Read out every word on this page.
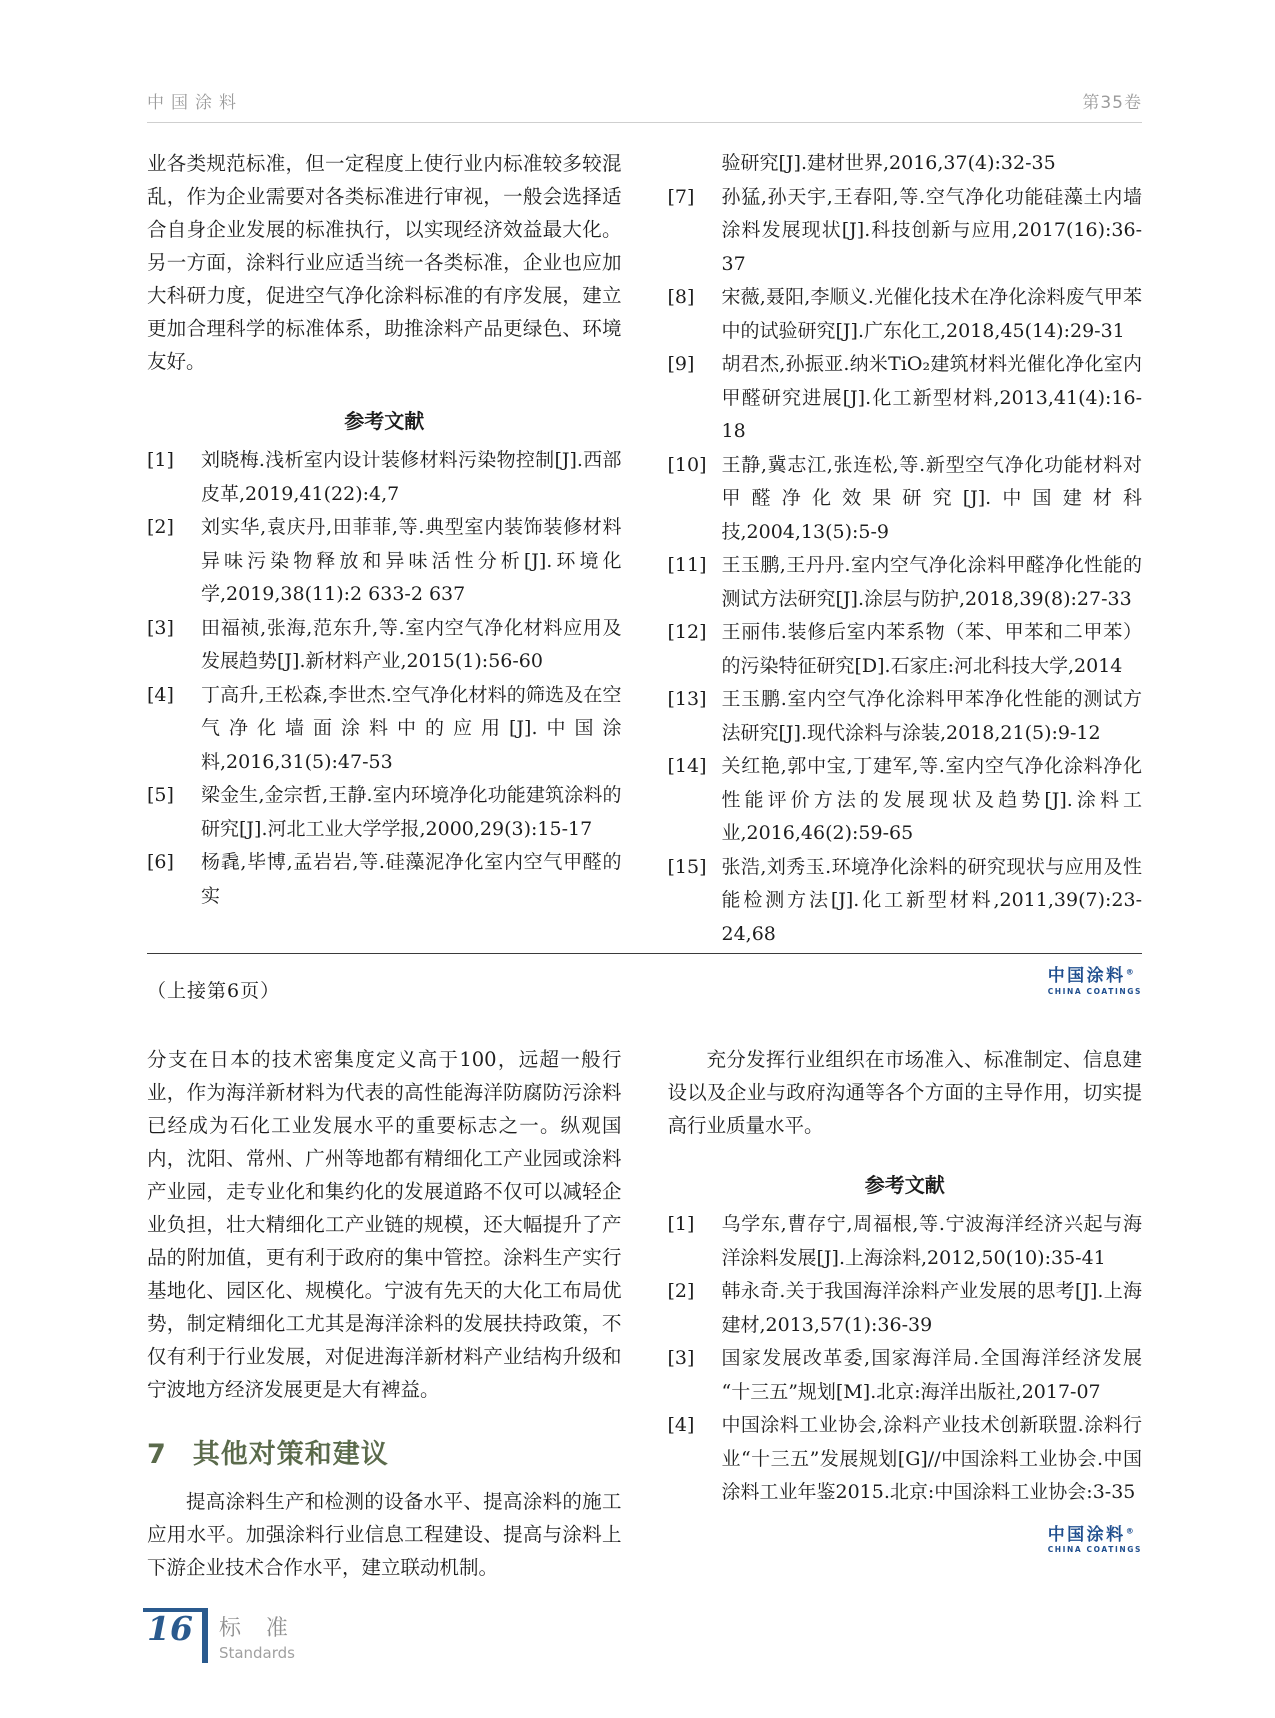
中国涂料	第35卷

业各类规范标准，但一定程度上使行业内标准较多较混乱，作为企业需要对各类标准进行审视，一般会选择适合自身企业发展的标准执行，以实现经济效益最大化。另一方面，涂料行业应适当统一各类标准，企业也应加大科研力度，促进空气净化涂料标准的有序发展，建立更加合理科学的标准体系，助推涂料产品更绿色、环境友好。

参考文献
[1]	刘晓梅.浅析室内设计装修材料污染物控制[J].西部皮革,2019,41(22):4,7
[2]	刘实华,袁庆丹,田菲菲,等.典型室内装饰装修材料异味污染物释放和异味活性分析[J].环境化学,2019,38(11):2 633-2 637
[3]	田福祯,张海,范东升,等.室内空气净化材料应用及发展趋势[J].新材料产业,2015(1):56-60
[4]	丁高升,王松森,李世杰.空气净化材料的筛选及在空气净化墙面涂料中的应用[J].中国涂料,2016,31(5):47-53
[5]	梁金生,金宗哲,王静.室内环境净化功能建筑涂料的研究[J].河北工业大学学报,2000,29(3):15-17
[6]	杨毳,毕博,孟岩岩,等.硅藻泥净化室内空气甲醛的实
验研究[J].建材世界,2016,37(4):32-35
[7]	孙猛,孙天宇,王春阳,等.空气净化功能硅藻土内墙涂料发展现状[J].科技创新与应用,2017(16):36-37
[8]	宋薇,聂阳,李顺义.光催化技术在净化涂料废气甲苯中的试验研究[J].广东化工,2018,45(14):29-31
[9]	胡君杰,孙振亚.纳米TiO₂建筑材料光催化净化室内甲醛研究进展[J].化工新型材料,2013,41(4):16-18
[10] 王静,冀志江,张连松,等.新型空气净化功能材料对甲醛净化效果研究[J].中国建材科技,2004,13(5):5-9
[11] 王玉鹏,王丹丹.室内空气净化涂料甲醛净化性能的测试方法研究[J].涂层与防护,2018,39(8):27-33
[12] 王丽伟.装修后室内苯系物（苯、甲苯和二甲苯）的污染特征研究[D].石家庄:河北科技大学,2014
[13] 王玉鹏.室内空气净化涂料甲苯净化性能的测试方法研究[J].现代涂料与涂装,2018,21(5):9-12
[14] 关红艳,郭中宝,丁建军,等.室内空气净化涂料净化性能评价方法的发展现状及趋势[J].涂料工业,2016,46(2):59-65
[15] 张浩,刘秀玉.环境净化涂料的研究现状与应用及性能检测方法[J].化工新型材料,2011,39(7):23-24,68
中国涂料®
CHINA COATINGS

（上接第6页）

分支在日本的技术密集度定义高于100，远超一般行业，作为海洋新材料为代表的高性能海洋防腐防污涂料已经成为石化工业发展水平的重要标志之一。纵观国内，沈阳、常州、广州等地都有精细化工产业园或涂料产业园，走专业化和集约化的发展道路不仅可以减轻企业负担，壮大精细化工产业链的规模，还大幅提升了产品的附加值，更有利于政府的集中管控。涂料生产实行基地化、园区化、规模化。宁波有先天的大化工布局优势，制定精细化工尤其是海洋涂料的发展扶持政策，不仅有利于行业发展，对促进海洋新材料产业结构升级和宁波地方经济发展更是大有裨益。

7 其他对策和建议

提高涂料生产和检测的设备水平、提高涂料的施工应用水平。加强涂料行业信息工程建设、提高与涂料上下游企业技术合作水平，建立联动机制。

充分发挥行业组织在市场准入、标准制定、信息建设以及企业与政府沟通等各个方面的主导作用，切实提高行业质量水平。

参考文献
[1]	乌学东,曹存宁,周福根,等.宁波海洋经济兴起与海洋涂料发展[J].上海涂料,2012,50(10):35-41
[2]	韩永奇.关于我国海洋涂料产业发展的思考[J].上海建材,2013,57(1):36-39
[3]	国家发展改革委,国家海洋局.全国海洋经济发展“十三五”规划[M].北京:海洋出版社,2017-07
[4]	中国涂料工业协会,涂料产业技术创新联盟.涂料行业“十三五”发展规划[G]//中国涂料工业协会.中国涂料工业年鉴2015.北京:中国涂料工业协会:3-35
中国涂料®
CHINA COATINGS
16	标 准
Standards
